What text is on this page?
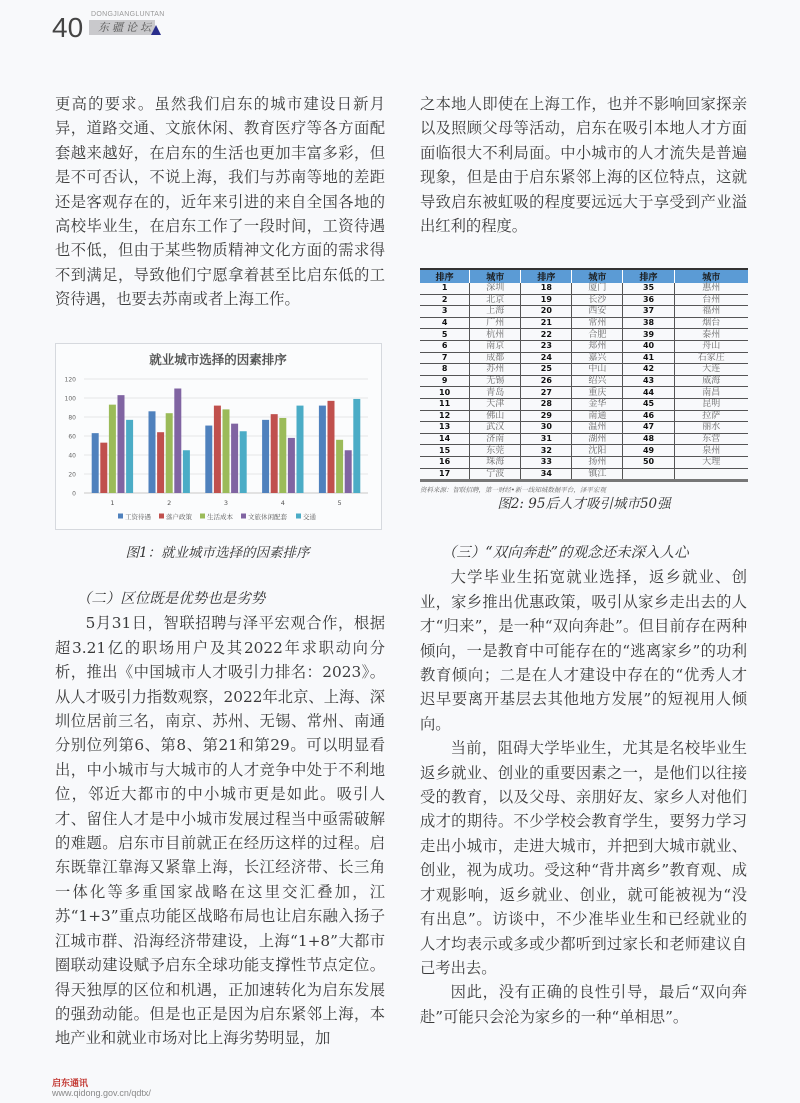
40 DONGJIANGLUNTAN
东疆论坛

更高的要求。虽然我们启东的城市建设日新月异，道路交通、文旅休闲、教育医疗等各方面配套越来越好，在启东的生活也更加丰富多彩，但是不可否认，不说上海，我们与苏南等地的差距还是客观存在的，近年来引进的来自全国各地的高校毕业生，在启东工作了一段时间，工资待遇也不低，但由于某些物质精神文化方面的需求得不到满足，导致他们宁愿拿着甚至比启东低的工资待遇，也要去苏南或者上海工作。

就业城市选择的因素排序
0
20
40
60
80
100
120
1	2	3	4	5
工资待遇 落户政策 生活成本 文旅休闲配套 交通
图1：就业城市选择的因素排序

（二）区位既是优势也是劣势

5月31日，智联招聘与泽平宏观合作，根据超3.21亿的职场用户及其2022年求职动向分析，推出《中国城市人才吸引力排名：2023》。从人才吸引力指数观察，2022年北京、上海、深圳位居前三名，南京、苏州、无锡、常州、南通分别位列第6、第8、第21和第29。可以明显看出，中小城市与大城市的人才竞争中处于不利地位，邻近大都市的中小城市更是如此。吸引人才、留住人才是中小城市发展过程当中亟需破解的难题。启东市目前就正在经历这样的过程。启东既靠江靠海又紧靠上海，长江经济带、长三角一体化等多重国家战略在这里交汇叠加，江苏“1+3”重点功能区战略布局也让启东融入扬子江城市群、沿海经济带建设，上海“1+8”大都市圈联动建设赋予启东全球功能支撑性节点定位。得天独厚的区位和机遇，正加速转化为启东发展的强劲动能。但是也正是因为启东紧邻上海，本地产业和就业市场对比上海劣势明显，加

之本地人即使在上海工作，也并不影响回家探亲以及照顾父母等活动，启东在吸引本地人才方面面临很大不利局面。中小城市的人才流失是普遍现象，但是由于启东紧邻上海的区位特点，这就导致启东被虹吸的程度要远远大于享受到产业溢出红利的程度。

排序	城市	排序	城市	排序	城市
1	深圳	18	厦门	35	惠州
2	北京	19	长沙	36	台州
3	上海	20	西安	37	福州
4	广州	21	常州	38	烟台
5	杭州	22	合肥	39	泰州
6	南京	23	郑州	40	舟山
7	成都	24	嘉兴	41	石家庄
8	苏州	25	中山	42	大连
9	无锡	26	绍兴	43	威海
10	青岛	27	重庆	44	南昌
11	天津	28	金华	45	昆明
12	佛山	29	南通	46	拉萨
13	武汉	30	温州	47	丽水
14	济南	31	湖州	48	东营
15	东莞	32	沈阳	49	泉州
16	珠海	33	扬州	50	大理
17	宁波	34	镇江		
资料来源：智联招聘，第一财经•新一线知城数据平台，泽平宏观
图2: 95后人才吸引城市50强

（三）“双向奔赴”的观念还未深入人心

大学毕业生拓宽就业选择，返乡就业、创业，家乡推出优惠政策，吸引从家乡走出去的人才“归来”，是一种“双向奔赴”。但目前存在两种倾向，一是教育中可能存在的“逃离家乡”的功利教育倾向；二是在人才建设中存在的“优秀人才迟早要离开基层去其他地方发展”的短视用人倾向。

当前，阻碍大学毕业生，尤其是名校毕业生返乡就业、创业的重要因素之一，是他们以往接受的教育，以及父母、亲朋好友、家乡人对他们成才的期待。不少学校会教育学生，要努力学习走出小城市，走进大城市，并把到大城市就业、创业，视为成功。受这种“背井离乡”教育观、成才观影响，返乡就业、创业，就可能被视为“没有出息”。访谈中，不少准毕业生和已经就业的人才均表示或多或少都听到过家长和老师建议自己考出去。

因此，没有正确的良性引导，最后“双向奔赴”可能只会沦为家乡的一种“单相思”。

启东通讯
www.qidong.gov.cn/qdtx/
